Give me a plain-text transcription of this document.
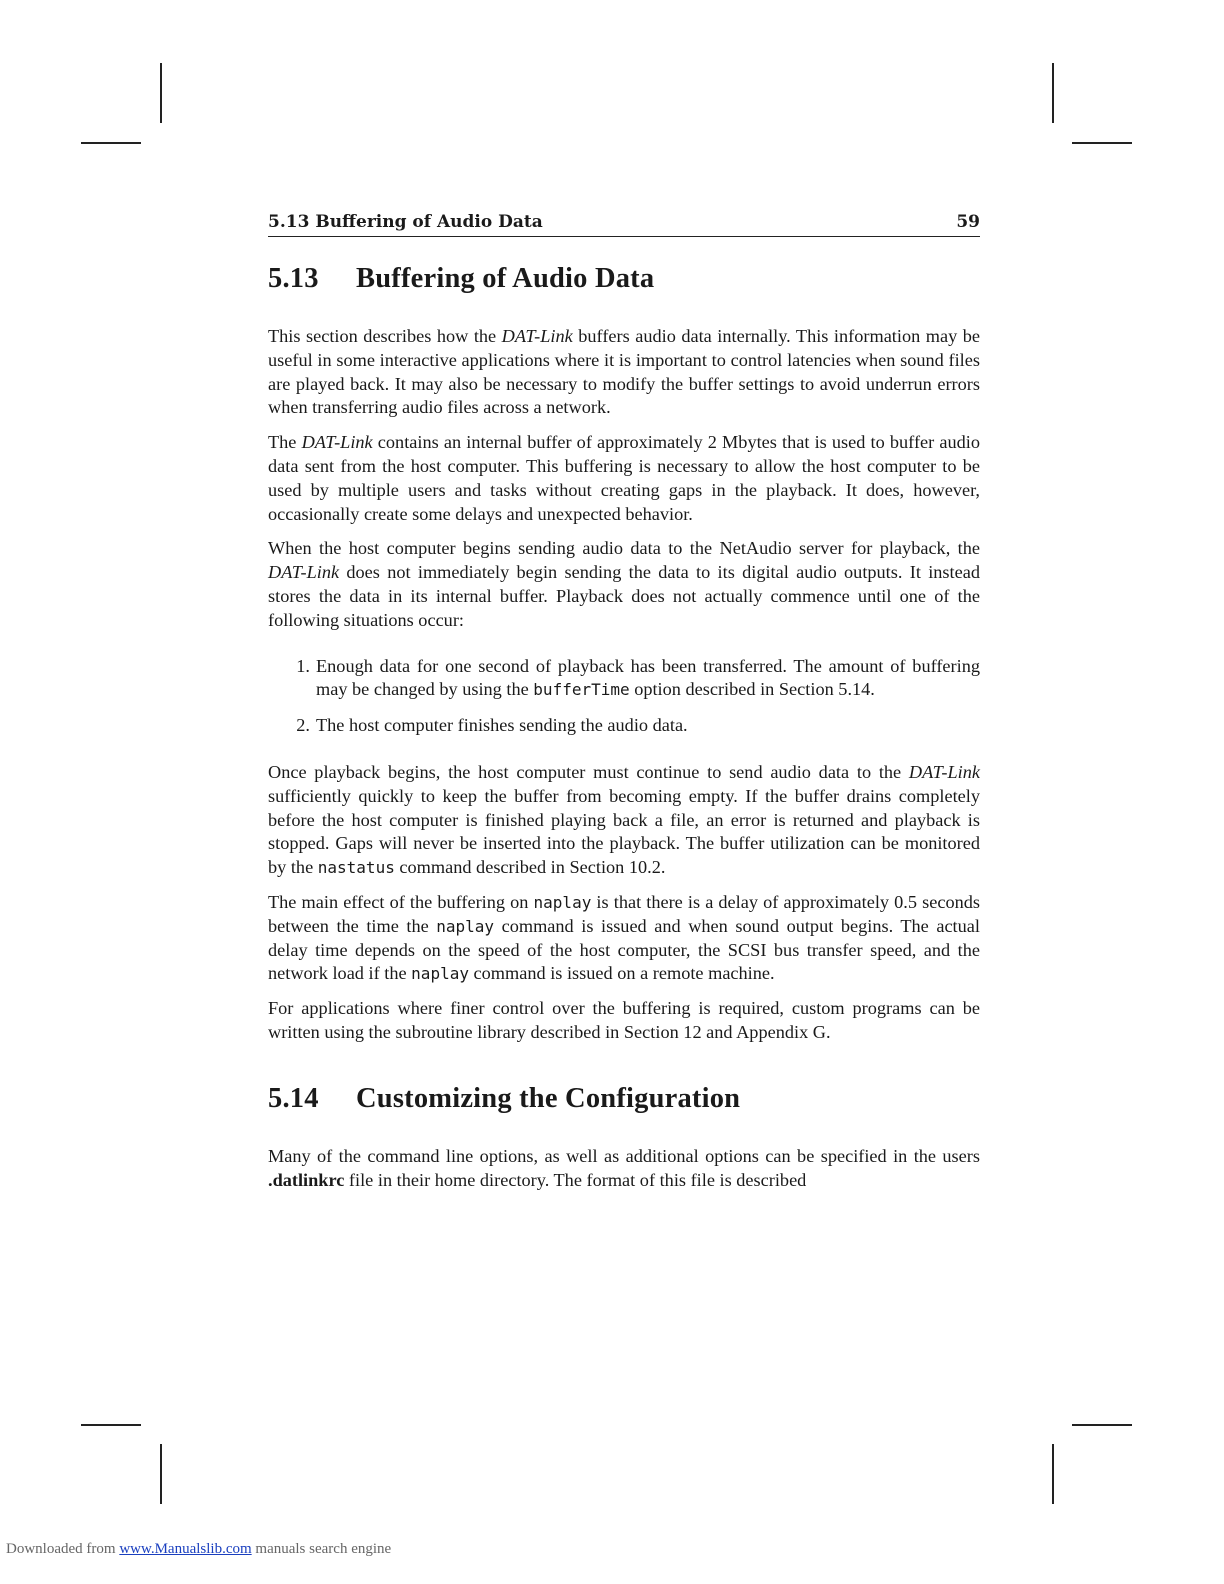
5.13 Buffering of Audio Data	59
5.13	Buffering of Audio Data

This section describes how the DAT-Link buffers audio data internally. This information may be useful in some interactive applications where it is important to control latencies when sound files are played back. It may also be necessary to modify the buffer settings to avoid underrun errors when transferring audio files across a network.

The DAT-Link contains an internal buffer of approximately 2 Mbytes that is used to buffer audio data sent from the host computer. This buffering is necessary to allow the host computer to be used by multiple users and tasks without creating gaps in the playback. It does, however, occasionally create some delays and unexpected behavior.

When the host computer begins sending audio data to the NetAudio server for playback, the DAT-Link does not immediately begin sending the data to its digital audio outputs. It instead stores the data in its internal buffer. Playback does not actually commence until one of the following situations occur:

1. Enough data for one second of playback has been transferred. The amount of buffering may be changed by using the bufferTime option described in Section 5.14.
2. The host computer finishes sending the audio data.

Once playback begins, the host computer must continue to send audio data to the DAT-Link sufficiently quickly to keep the buffer from becoming empty. If the buffer drains completely before the host computer is finished playing back a file, an error is returned and playback is stopped. Gaps will never be inserted into the playback. The buffer utilization can be monitored by the nastatus command described in Section 10.2.

The main effect of the buffering on naplay is that there is a delay of approximately 0.5 seconds between the time the naplay command is issued and when sound output begins. The actual delay time depends on the speed of the host computer, the SCSI bus transfer speed, and the network load if the naplay command is issued on a remote machine.

For applications where finer control over the buffering is required, custom programs can be written using the subroutine library described in Section 12 and Appendix G.

5.14	Customizing the Configuration

Many of the command line options, as well as additional options can be specified in the users .datlinkrc file in their home directory. The format of this file is described

Downloaded from www.Manualslib.com manuals search engine
